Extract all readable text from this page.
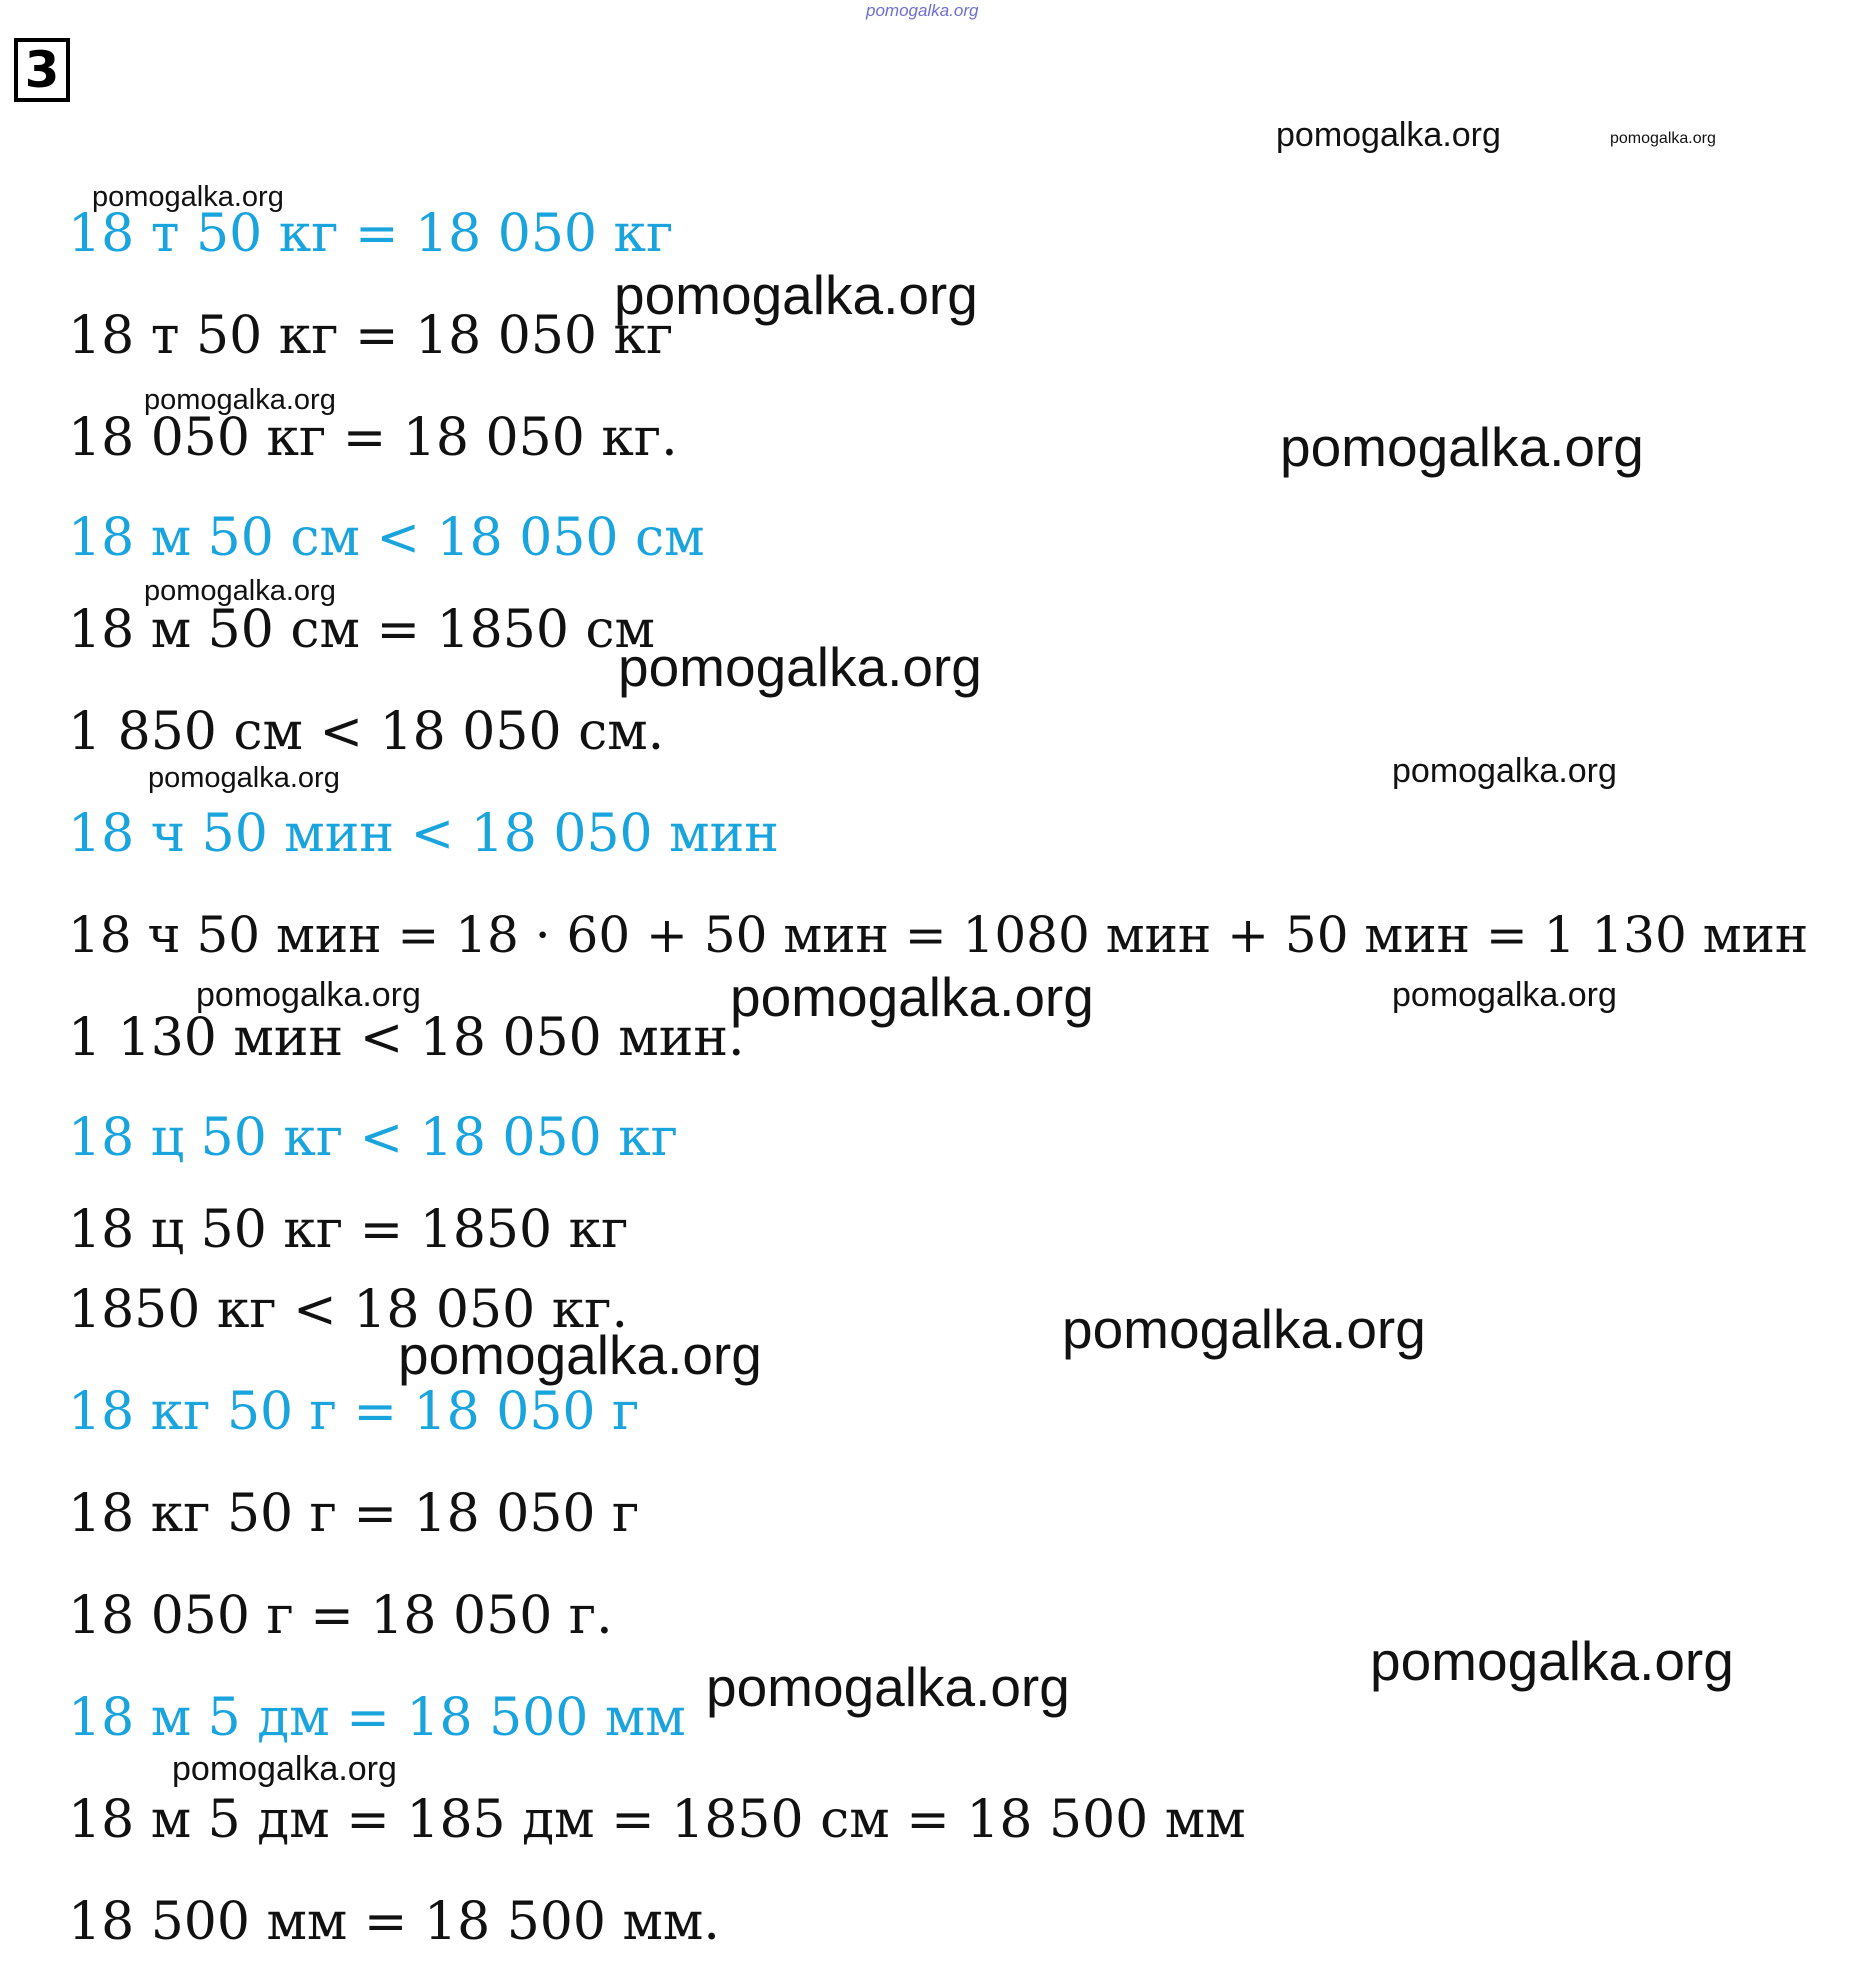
3
18 т 50 кг = 18 050 кг
18 т 50 кг = 18 050 кг
18 050 кг = 18 050 кг.
18 м 50 см < 18 050 см
18 м 50 см = 1850 см
1 850 см < 18 050 см.
18 ч 50 мин < 18 050 мин
18 ч 50 мин = 18 · 60 + 50 мин = 1080 мин + 50 мин = 1 130 мин
1 130 мин < 18 050 мин.
18 ц 50 кг < 18 050 кг
18 ц 50 кг = 1850 кг
1850 кг < 18 050 кг.
18 кг 50 г = 18 050 г
18 кг 50 г = 18 050 г
18 050 г = 18 050 г.
18 м 5 дм = 18 500 мм
18 м 5 дм = 185 дм = 1850 см = 18 500 мм
18 500 мм = 18 500 мм.
pomogalka.org
pomogalka.org	pomogalka.org
pomogalka.org
pomogalka.org
pomogalka.org
pomogalka.org
pomogalka.org
pomogalka.org
pomogalka.org
pomogalka.org
pomogalka.org	pomogalka.org	pomogalka.org
pomogalka.org
pomogalka.org
pomogalka.org
pomogalka.org
pomogalka.org
